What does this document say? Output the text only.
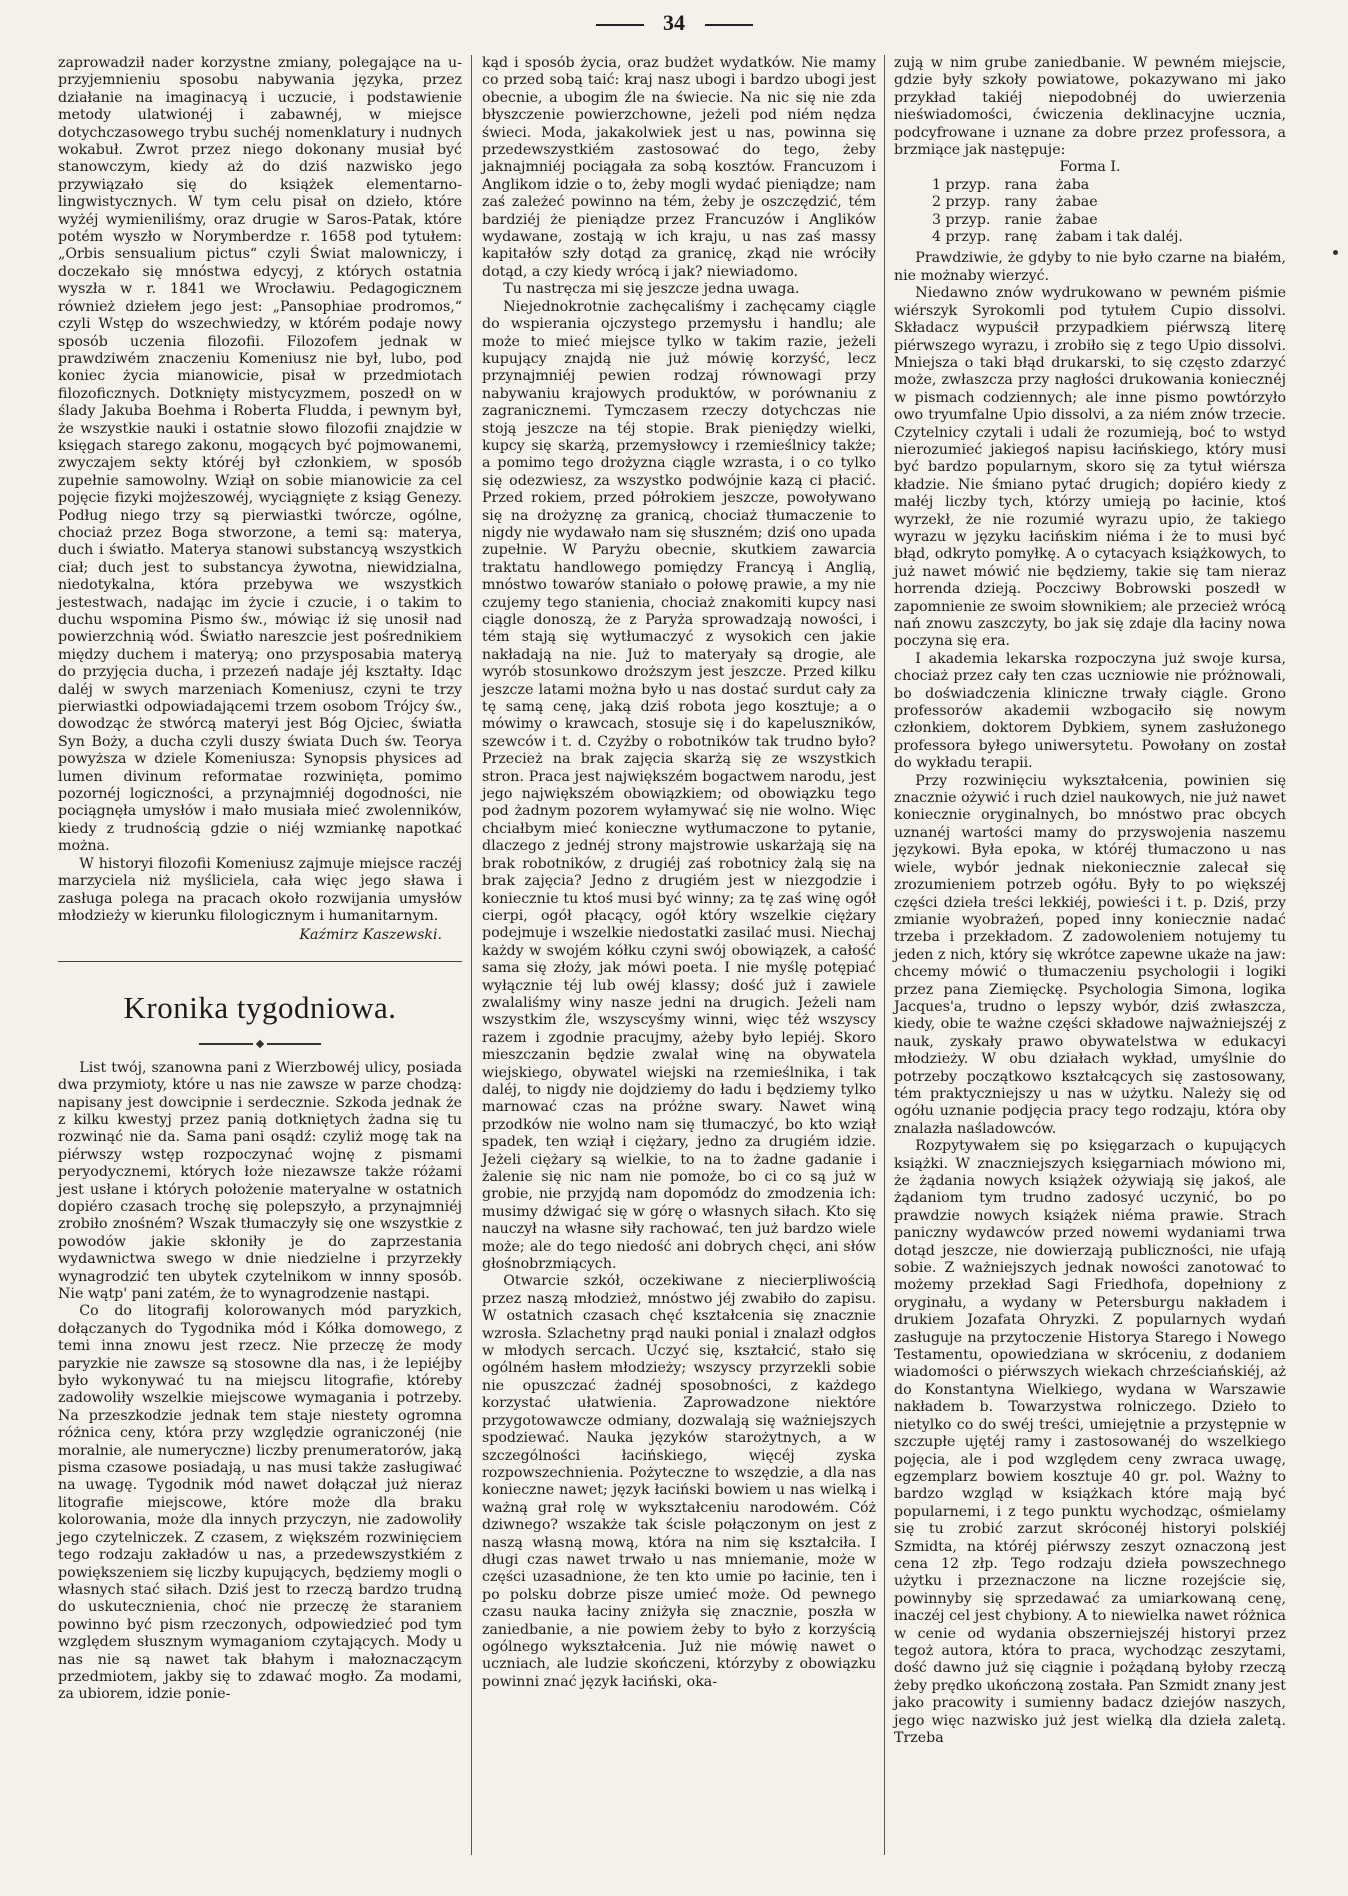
34

zaprowadził nader korzystne zmiany, polegające na u-przyjemnieniu sposobu nabywania języka, przez działanie na imaginacyą i uczucie, i podstawienie metody ulatwionéj i zabawnéj, w miejsce dotychczasowego trybu suchéj nomenklatury i nudnych wokabuł. Zwrot przez niego dokonany musiał być stanowczym, kiedy aż do dziś nazwisko jego przywiązało się do książek elementarno-lingwistycznych. W tym celu pisał on dzieło, które wyżéj wymieniliśmy, oraz drugie w Saros-Patak, które potém wyszło w Norymberdze r. 1658 pod tytułem: „Orbis sensualium pictus“ czyli Świat malowniczy, i doczekało się mnóstwa edycyj, z których ostatnia wyszła w r. 1841 we Wrocławiu. Pedagogicznem również dziełem jego jest: „Pansophiae prodromos,“ czyli Wstęp do wszechwiedzy, w którém podaje nowy sposób uczenia filozofii. Filozofem jednak w prawdziwém znaczeniu Komeniusz nie był, lubo, pod koniec życia mianowicie, pisał w przedmiotach filozoficznych. Dotknięty mistycyzmem, poszedł on w ślady Jakuba Boehma i Roberta Fludda, i pewnym był, że wszystkie nauki i ostatnie słowo filozofii znajdzie w księgach starego zakonu, mogących być pojmowanemi, zwyczajem sekty któréj był członkiem, w sposób zupełnie samowolny. Wziął on sobie mianowicie za cel pojęcie fizyki mojżeszowéj, wyciągnięte z ksiąg Genezy. Podług niego trzy są pierwiastki twórcze, ogólne, chociaż przez Boga stworzone, a temi są: materya, duch i światło. Materya stanowi substancyą wszystkich ciał; duch jest to substancya żywotna, niewidzialna, niedotykalna, która przebywa we wszystkich jestestwach, nadając im życie i czucie, i o takim to duchu wspomina Pismo św., mówiąc iż się unosił nad powierzchnią wód. Światło nareszcie jest pośrednikiem między duchem i materyą; ono przysposabia materyą do przyjęcia ducha, i przezeń nadaje jéj kształty. Idąc daléj w swych marzeniach Komeniusz, czyni te trzy pierwiastki odpowiadającemi trzem osobom Trójcy św., dowodząc że stwórcą materyi jest Bóg Ojciec, światła Syn Boży, a ducha czyli duszy świata Duch św. Teorya powyższa w dziele Komeniusza: Synopsis physices ad lumen divinum reformatae rozwinięta, pomimo pozornéj logiczności, a przynajmniéj dogodności, nie pociągnęła umysłów i mało musiała mieć zwolenników, kiedy z trudnością gdzie o niéj wzmiankę napotkać można.

W historyi filozofii Komeniusz zajmuje miejsce raczéj marzyciela niż myśliciela, cała więc jego sława i zasługa polega na pracach około rozwijania umysłów młodzieży w kierunku filologicznym i humanitarnym.

Kaźmirz Kaszewski.
Kronika tygodniowa.

List twój, szanowna pani z Wierzbowéj ulicy, posiada dwa przymioty, które u nas nie zawsze w parze chodzą: napisany jest dowcipnie i serdecznie. Szkoda jednak że z kilku kwestyj przez panią dotkniętych żadna się tu rozwinąć nie da. Sama pani osądź: czyliż mogę tak na piérwszy wstęp rozpoczynać wojnę z pismami peryodycznemi, których łoże niezawsze także różami jest usłane i których położenie materyalne w ostatnich dopiéro czasach trochę się polepszyło, a przynajmniéj zrobiło znośném? Wszak tłumaczyły się one wszystkie z powodów jakie skłoniły je do zaprzestania wydawnictwa swego w dnie niedzielne i przyrzekły wynagrodzić ten ubytek czytelnikom w innny sposób. Nie wątp' pani zatém, że to wynagrodzenie nastąpi.

Co do litografij kolorowanych mód paryzkich, dołączanych do Tygodnika mód i Kółka domowego, z temi inna znowu jest rzecz. Nie przeczę że mody paryzkie nie zawsze są stosowne dla nas, i że lepiéjby było wykonywać tu na miejscu litografie, któreby zadowoliły wszelkie miejscowe wymagania i potrzeby. Na przeszkodzie jednak tem staje niestety ogromna różnica ceny, która przy względzie ograniczonéj (nie moralnie, ale numeryczne) liczby prenumeratorów, jaką pisma czasowe posiadają, u nas musi także zasługiwać na uwagę. Tygodnik mód nawet dołączał już nieraz litografie miejscowe, które może dla braku kolorowania, może dla innych przyczyn, nie zadowoliły jego czytelniczek. Z czasem, z większém rozwinięciem tego rodzaju zakładów u nas, a przedewszystkiém z powiększeniem się liczby kupujących, będziemy mogli o własnych stać siłach. Dziś jest to rzeczą bardzo trudną do uskutecznienia, choć nie przeczę że staraniem powinno być pism rzeczonych, odpowiedzieć pod tym względem słusznym wymaganiom czytających. Mody u nas nie są nawet tak błahym i małoznaczącym przedmiotem, jakby się to zdawać mogło. Za modami, za ubiorem, idzie ponie-

kąd i sposób życia, oraz budżet wydatków. Nie mamy co przed sobą taić: kraj nasz ubogi i bardzo ubogi jest obecnie, a ubogim źle na świecie. Na nic się nie zda błyszczenie powierzchowne, jeżeli pod niém nędza świeci. Moda, jakakolwiek jest u nas, powinna się przedewszystkiém zastosować do tego, żeby jaknajmniéj pociągała za sobą kosztów. Francuzom i Anglikom idzie o to, żeby mogli wydać pieniądze; nam zaś zależeć powinno na tém, żeby je oszczędzić, tém bardziéj że pieniądze przez Francuzów i Anglików wydawane, zostają w ich kraju, u nas zaś massy kapitałów szły dotąd za granicę, zkąd nie wróciły dotąd, a czy kiedy wrócą i jak? niewiadomo.

Tu nastręcza mi się jeszcze jedna uwaga.

Niejednokrotnie zachęcaliśmy i zachęcamy ciągle do wspierania ojczystego przemysłu i handlu; ale może to mieć miejsce tylko w takim razie, jeżeli kupujący znajdą nie już mówię korzyść, lecz przynajmniéj pewien rodzaj równowagi przy nabywaniu krajowych produktów, w porównaniu z zagranicznemi. Tymczasem rzeczy dotychczas nie stoją jeszcze na téj stopie. Brak pieniędzy wielki, kupcy się skarżą, przemysłowcy i rzemieślnicy także; a pomimo tego drożyzna ciągle wzrasta, i o co tylko się odezwiesz, za wszystko podwójnie kazą ci płacić. Przed rokiem, przed półrokiem jeszcze, powoływano się na drożyznę za granicą, chociaż tłumaczenie to nigdy nie wydawało nam się słuszném; dziś ono upada zupełnie. W Paryżu obecnie, skutkiem zawarcia traktatu handlowego pomiędzy Francyą i Anglią, mnóstwo towarów staniało o połowę prawie, a my nie czujemy tego stanienia, chociaż znakomiti kupcy nasi ciągle donoszą, że z Paryża sprowadzają nowości, i tém stają się wytłumaczyć z wysokich cen jakie nakładają na nie. Już to materyały są drogie, ale wyrób stosunkowo droższym jest jeszcze. Przed kilku jeszcze latami można było u nas dostać surdut cały za tę samą cenę, jaką dziś robota jego kosztuje; a o mówimy o krawcach, stosuje się i do kapeluszników, szewców i t. d. Czyżby o robotników tak trudno było? Przecież na brak zajęcia skarżą się ze wszystkich stron. Praca jest największém bogactwem narodu, jest jego największém obowiązkiem; od obowiązku tego pod żadnym pozorem wyłamywać się nie wolno. Więc chciałbym mieć konieczne wytłumaczone to pytanie, dlaczego z jednéj strony majstrowie uskarżają się na brak robotników, z drugiéj zaś robotnicy żalą się na brak zajęcia? Jedno z drugiém jest w niezgodzie i koniecznie tu ktoś musi być winny; za tę zaś winę ogół cierpi, ogół płacący, ogół który wszelkie ciężary podejmuje i wszelkie niedostatki zasilać musi. Niechaj każdy w swojém kółku czyni swój obowiązek, a całość sama się złoży, jak mówi poeta. I nie myślę potępiać wyłącznie téj lub owéj klassy; dość już i zawiele zwalaliśmy winy nasze jedni na drugich. Jeżeli nam wszystkim źle, wszyscyśmy winni, więc téż wszyscy razem i zgodnie pracujmy, ażeby było lepiéj. Skoro mieszczanin będzie zwalał winę na obywatela wiejskiego, obywatel wiejski na rzemieślnika, i tak daléj, to nigdy nie dojdziemy do ładu i będziemy tylko marnować czas na próżne swary. Nawet winą przodków nie wolno nam się tłumaczyć, bo kto wziął spadek, ten wziął i ciężary, jedno za drugiém idzie. Jeżeli ciężary są wielkie, to na to żadne gadanie i żalenie się nic nam nie pomoże, bo ci co są już w grobie, nie przyjdą nam dopomódz do zmodzenia ich: musimy dźwigać się w górę o własnych siłach. Kto się nauczył na własne siły rachować, ten już bardzo wiele może; ale do tego niedość ani dobrych chęci, ani słów głośnobrzmiących.

Otwarcie szkół, oczekiwane z niecierpliwością przez naszą młodzież, mnóstwo jéj zwabiło do zapisu. W ostatnich czasach chęć kształcenia się znacznie wzrosła. Szlachetny prąd nauki ponial i znalazł odgłos w młodych sercach. Uczyć się, kształcić, stało się ogólném hasłem młodzieży; wszyscy przyrzekli sobie nie opuszczać żadnéj sposobności, z każdego korzystać ułatwienia. Zaprowadzone niektóre przygotowawcze odmiany, dozwalają się ważniejszych spodziewać. Nauka języków starożytnych, a w szczególności łacińskiego, więcéj zyska rozpowszechnienia. Pożyteczne to wszędzie, a dla nas konieczne nawet; język łaciński bowiem u nas wielką i ważną grał rolę w wykształceniu narodowém. Cóż dziwnego? wszakże tak ścisle połączonym on jest z naszą własną mową, która na nim się kształciła. I długi czas nawet trwało u nas mniemanie, może w części uzasadnione, że ten kto umie po łacinie, ten i po polsku dobrze pisze umieć może. Od pewnego czasu nauka łaciny zniżyła się znacznie, poszła w zaniedbanie, a nie powiem żeby to było z korzyścią ogólnego wykształcenia. Już nie mówię nawet o uczniach, ale ludzie skończeni, którzyby z obowiązku powinni znać język łaciński, oka-

zują w nim grube zaniedbanie. W pewném miejscie, gdzie były szkoły powiatowe, pokazywano mi jako przykład takiéj niepodobnéj do uwierzenia nieświadomości, ćwiczenia deklinacyjne ucznia, podcyfrowane i uznane za dobre przez professora, a brzmiące jak następuje:

Forma I.

1 przyp.	rana	żaba
2 przyp.	rany	żabae
3 przyp.	ranie	żabae
4 przyp.	ranę	żabam i tak daléj.

Prawdziwie, że gdyby to nie było czarne na białém, nie możnaby wierzyć.

Niedawno znów wydrukowano w pewném piśmie wiérszyk Syrokomli pod tytułem Cupio dissolvi. Składacz wypuścił przypadkiem piérwszą literę piérwszego wyrazu, i zrobiło się z tego Upio dissolvi. Mniejsza o taki błąd drukarski, to się często zdarzyć może, zwłaszcza przy nagłości drukowania koniecznéj w pismach codziennych; ale inne pismo powtórzyło owo tryumfalne Upio dissolvi, a za niém znów trzecie. Czytelnicy czytali i udali że rozumieją, boć to wstyd nierozumieć jakiegoś napisu łacińskiego, który musi być bardzo popularnym, skoro się za tytuł wiérsza kładzie. Nie śmiano pytać drugich; dopiéro kiedy z małéj liczby tych, którzy umieją po łacinie, ktoś wyrzekł, że nie rozumié wyrazu upio, że takiego wyrazu w języku łacińskim niéma i że to musi być błąd, odkryto pomyłkę. A o cytacyach książkowych, to już nawet mówić nie będziemy, takie się tam nieraz horrenda dzieją. Poczciwy Bobrowski poszedł w zapomnienie ze swoim słownikiem; ale przecież wrócą nań znowu zaszczyty, bo jak się zdaje dla łaciny nowa poczyna się era.

I akademia lekarska rozpoczyna już swoje kursa, chociaż przez cały ten czas uczniowie nie próżnowali, bo doświadczenia kliniczne trwały ciągle. Grono professorów akademii wzbogaciło się nowym członkiem, doktorem Dybkiem, synem zasłużonego professora byłego uniwersytetu. Powołany on został do wykładu terapii.

Przy rozwinięciu wykształcenia, powinien się znacznie ożywić i ruch dziel naukowych, nie już nawet koniecznie oryginalnych, bo mnóstwo prac obcych uznanéj wartości mamy do przyswojenia naszemu językowi. Była epoka, w któréj tłumaczono u nas wiele, wybór jednak niekoniecznie zalecał się zrozumieniem potrzeb ogółu. Były to po większéj części dzieła treści lekkiéj, powieści i t. p. Dziś, przy zmianie wyobrażeń, poped inny koniecznie nadać trzeba i przekładom. Z zadowoleniem notujemy tu jeden z nich, który się wkrótce zapewne ukaże na jaw: chcemy mówić o tłumaczeniu psychologii i logiki przez pana Ziemięckę. Psychologia Simona, logika Jacques'a, trudno o lepszy wybór, dziś zwłaszcza, kiedy, obie te ważne części składowe najważniejszéj z nauk, zyskały prawo obywatelstwa w edukacyi młodzieży. W obu działach wykład, umyślnie do potrzeby początkowo kształcących się zastosowany, tém praktyczniejszy u nas w użytku. Należy się od ogółu uznanie podjęcia pracy tego rodzaju, która oby znalazła naśladowców.

Rozpytywałem się po księgarzach o kupujących książki. W znaczniejszych księgarniach mówiono mi, że żądania nowych książek ożywiają się jakoś, ale żądaniom tym trudno zadosyć uczynić, bo po prawdzie nowych książek niéma prawie. Strach paniczny wydawców przed nowemi wydaniami trwa dotąd jeszcze, nie dowierzają publiczności, nie ufają sobie. Z ważniejszych jednak nowości zanotować to możemy przekład Sagi Friedhofa, dopełniony z oryginału, a wydany w Petersburgu nakładem i drukiem Jozafata Ohryzki. Z popularnych wydań zasługuje na przytoczenie Historya Starego i Nowego Testamentu, opowiedziana w skróceniu, z dodaniem wiadomości o piérwszych wiekach chrześciańskiéj, aż do Konstantyna Wielkiego, wydana w Warszawie nakładem b. Towarzystwa rolniczego. Dzieło to nietylko co do swéj treści, umiejętnie a przystępnie w szczupłe ujętéj ramy i zastosowanéj do wszelkiego pojęcia, ale i pod względem ceny zwraca uwagę, egzemplarz bowiem kosztuje 40 gr. pol. Ważny to bardzo wzgląd w książkach które mają być popularnemi, i z tego punktu wychodząc, ośmielamy się tu zrobić zarzut skróconéj historyi polskiéj Szmidta, na któréj piérwszy zeszyt oznaczoną jest cena 12 złp. Tego rodzaju dzieła powszechnego użytku i przeznaczone na liczne rozejście się, powinnyby się sprzedawać za umiarkowaną cenę, inaczéj cel jest chybiony. A to niewielka nawet różnica w cenie od wydania obszerniejszéj historyi przez tegoż autora, która to praca, wychodząc zeszytami, dość dawno już się ciągnie i pożądaną byłoby rzeczą żeby prędko ukończoną została. Pan Szmidt znany jest jako pracowity i sumienny badacz dziejów naszych, jego więc nazwisko już jest wielką dla dzieła zaletą. Trzeba
